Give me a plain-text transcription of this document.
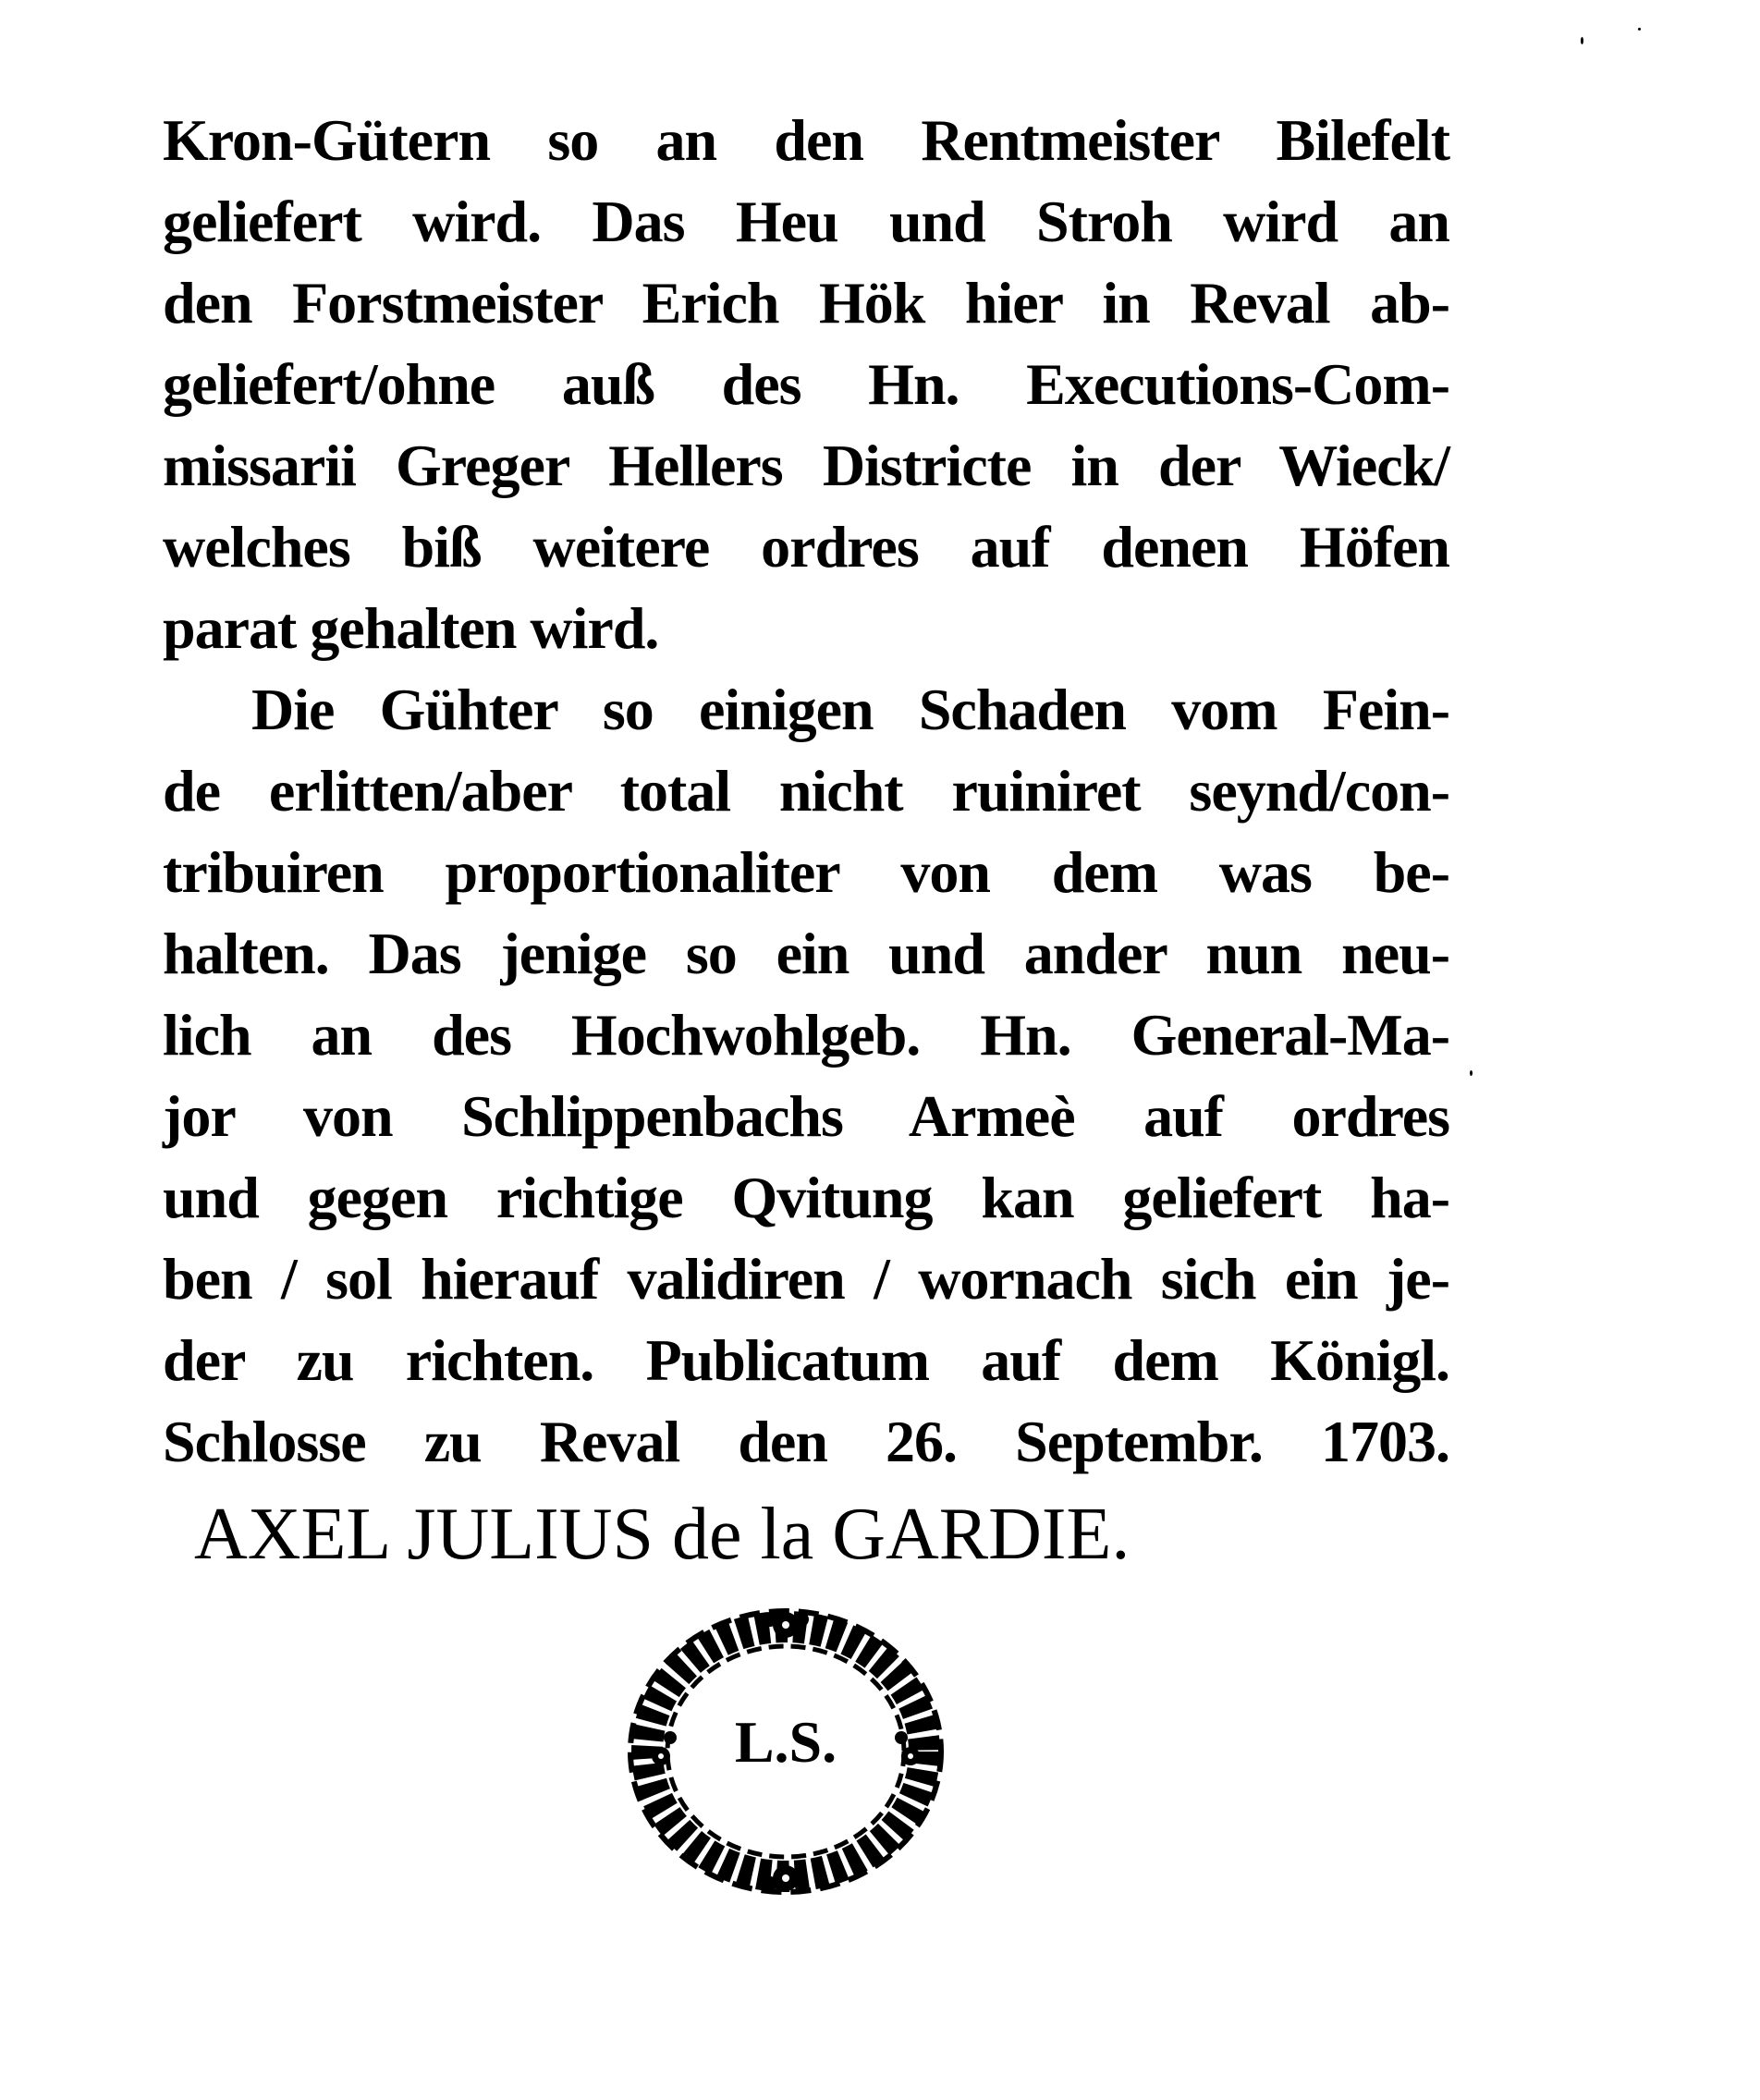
Kron-Gütern so an den Rentmeister Bilefelt
geliefert wird. Das Heu und Stroh wird an
den Forstmeister Erich Hök hier in Reval ab-
geliefert/ohne auß des Hn. Executions-Com-
missarii Greger Hellers Districte in der Wieck/
welches biß weitere ordres auf denen Höfen
parat gehalten wird.
Die Gühter so einigen Schaden vom Fein-
de erlitten/aber total nicht ruiniret seynd/con-
tribuiren proportionaliter von dem was be-
halten. Das jenige so ein und ander nun neu-
lich an des Hochwohlgeb. Hn. General-Ma-
jor von Schlippenbachs Armeè auf ordres
und gegen richtige Qvitung kan geliefert ha-
ben / sol hierauf validiren / wornach sich ein je-
der zu richten. Publicatum auf dem Königl.
Schlosse zu Reval den 26. Septembr. 1703.
AXEL JULIUS de la GARDIE.
L.S.
